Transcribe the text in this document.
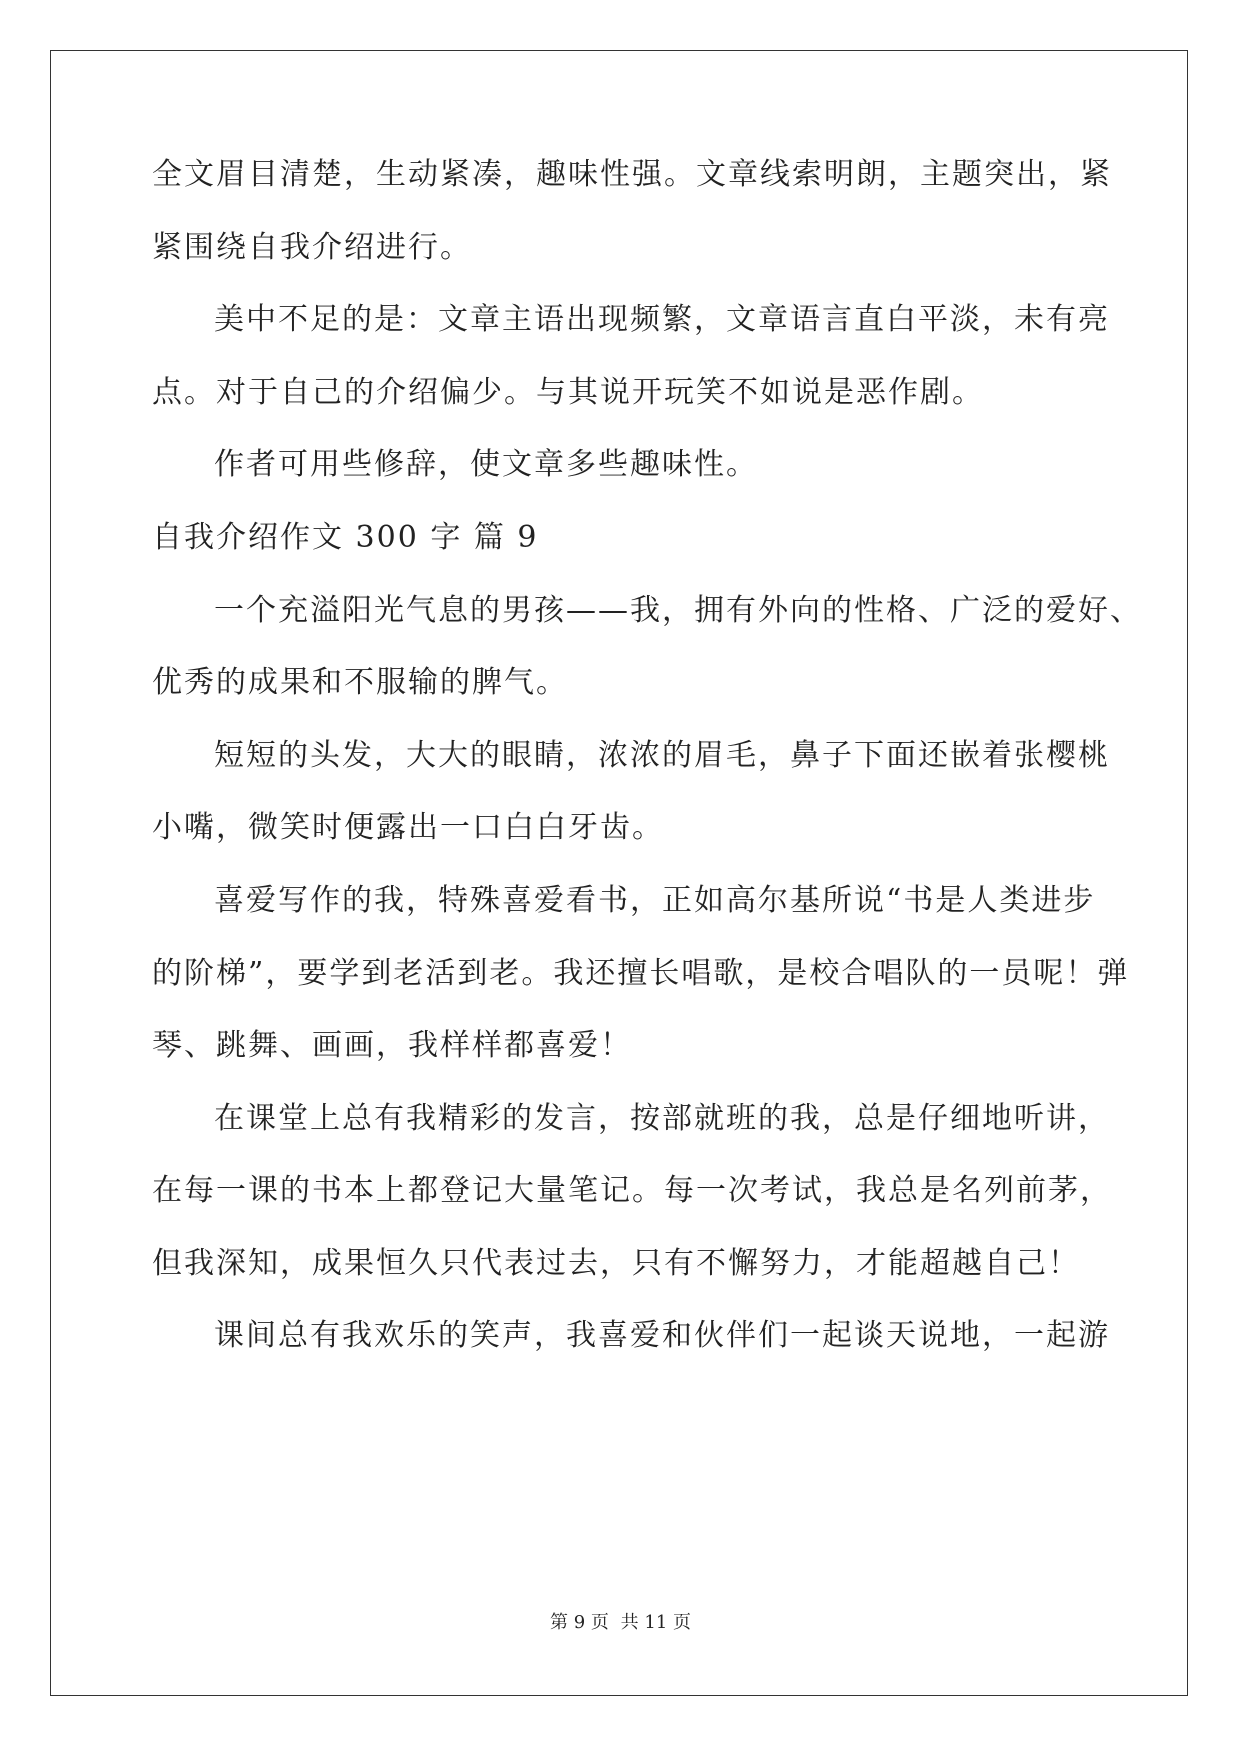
全文眉目清楚，生动紧凑，趣味性强。文章线索明朗，主题突出，紧
紧围绕自我介绍进行。
美中不足的是：文章主语出现频繁，文章语言直白平淡，未有亮
点。对于自己的介绍偏少。与其说开玩笑不如说是恶作剧。
作者可用些修辞，使文章多些趣味性。
自我介绍作文 300 字 篇 9
一个充溢阳光气息的男孩——我，拥有外向的性格、广泛的爱好、
优秀的成果和不服输的脾气。
短短的头发，大大的眼睛，浓浓的眉毛，鼻子下面还嵌着张樱桃
小嘴，微笑时便露出一口白白牙齿。
喜爱写作的我，特殊喜爱看书，正如高尔基所说“书是人类进步
的阶梯”，要学到老活到老。我还擅长唱歌，是校合唱队的一员呢！弹
琴、跳舞、画画，我样样都喜爱！
在课堂上总有我精彩的发言，按部就班的我，总是仔细地听讲，
在每一课的书本上都登记大量笔记。每一次考试，我总是名列前茅，
但我深知，成果恒久只代表过去，只有不懈努力，才能超越自己！
课间总有我欢乐的笑声，我喜爱和伙伴们一起谈天说地，一起游
第 9 页 共 11 页
